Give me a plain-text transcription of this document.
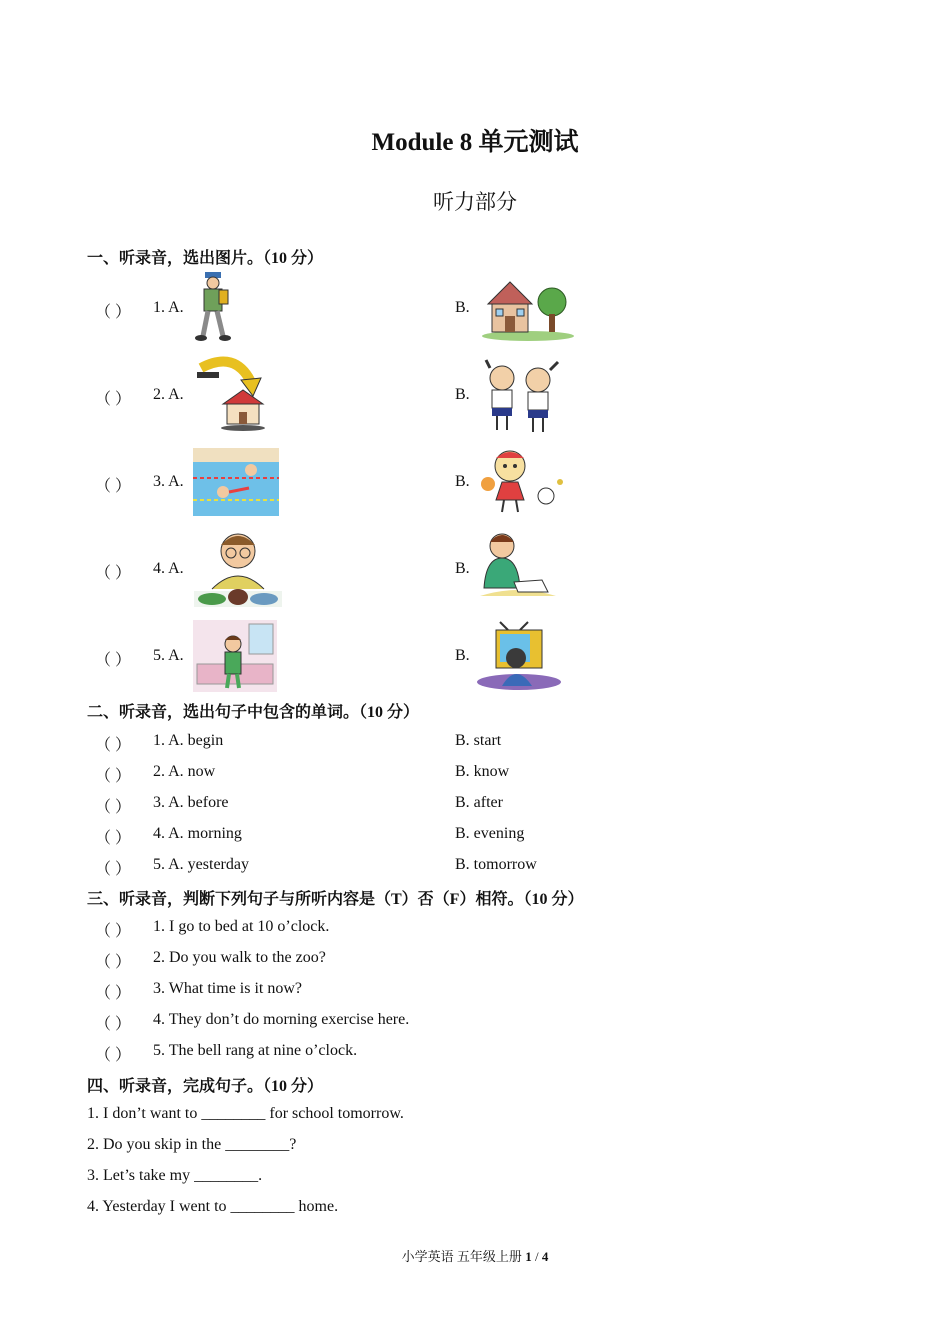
Module 8 单元测试
听力部分
一、听录音，选出图片。（10 分）
（ ） 1. A.	B.
（ ） 2. A.	B.
（ ） 3. A.	B.
（ ） 4. A.	B.
（ ） 5. A.	B.
二、听录音，选出句子中包含的单词。（10 分）
（ ） 1. A. begin	B. start
（ ） 2. A. now	B. know
（ ） 3. A. before	B. after
（ ） 4. A. morning	B. evening
（ ） 5. A. yesterday	B. tomorrow
三、听录音，判断下列句子与所听内容是（T）否（F）相符。（10 分）
（ ） 1. I go to bed at 10 o’clock.
（ ） 2. Do you walk to the zoo?
（ ） 3. What time is it now?
（ ） 4. They don’t do morning exercise here.
（ ） 5. The bell rang at nine o’clock.
四、听录音，完成句子。（10 分）
1. I don’t want to ________ for school tomorrow.
2. Do you skip in the ________?
3. Let’s take my ________.
4. Yesterday I went to ________ home.
小学英语 五年级上册 1 / 4
